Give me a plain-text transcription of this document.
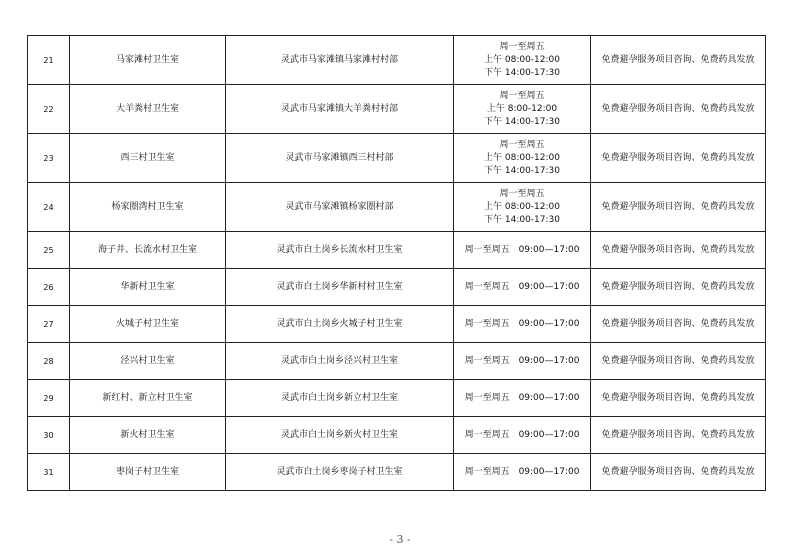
21	马家滩村卫生室	灵武市马家滩镇马家滩村村部	周一至周五
上午 08:00-12:00
下午 14:00-17:30	免费避孕服务项目咨询、免费药具发放
22	大羊粪村卫生室	灵武市马家滩镇大羊粪村村部	周一至周五
上午 8:00-12:00
下午 14:00-17:30	免费避孕服务项目咨询、免费药具发放
23	西三村卫生室	灵武市马家滩镇西三村村部	周一至周五
上午 08:00-12:00
下午 14:00-17:30	免费避孕服务项目咨询、免费药具发放
24	杨家圈湾村卫生室	灵武市马家滩镇杨家圈村部	周一至周五
上午 08:00-12:00
下午 14:00-17:30	免费避孕服务项目咨询、免费药具发放
25	海子井、长流水村卫生室	灵武市白土岗乡长流水村卫生室	周一至周五　09:00—17:00	免费避孕服务项目咨询、免费药具发放
26	华新村卫生室	灵武市白土岗乡华新村村卫生室	周一至周五　09:00—17:00	免费避孕服务项目咨询、免费药具发放
27	火城子村卫生室	灵武市白土岗乡火城子村卫生室	周一至周五　09:00—17:00	免费避孕服务项目咨询、免费药具发放
28	泾兴村卫生室	灵武市白土岗乡泾兴村卫生室	周一至周五　09:00—17:00	免费避孕服务项目咨询、免费药具发放
29	新红村、新立村卫生室	灵武市白土岗乡新立村卫生室	周一至周五　09:00—17:00	免费避孕服务项目咨询、免费药具发放
30	新火村卫生室	灵武市白土岗乡新火村卫生室	周一至周五　09:00—17:00	免费避孕服务项目咨询、免费药具发放
31	枣岗子村卫生室	灵武市白土岗乡枣岗子村卫生室	周一至周五　09:00—17:00	免费避孕服务项目咨询、免费药具发放
- 3 -
